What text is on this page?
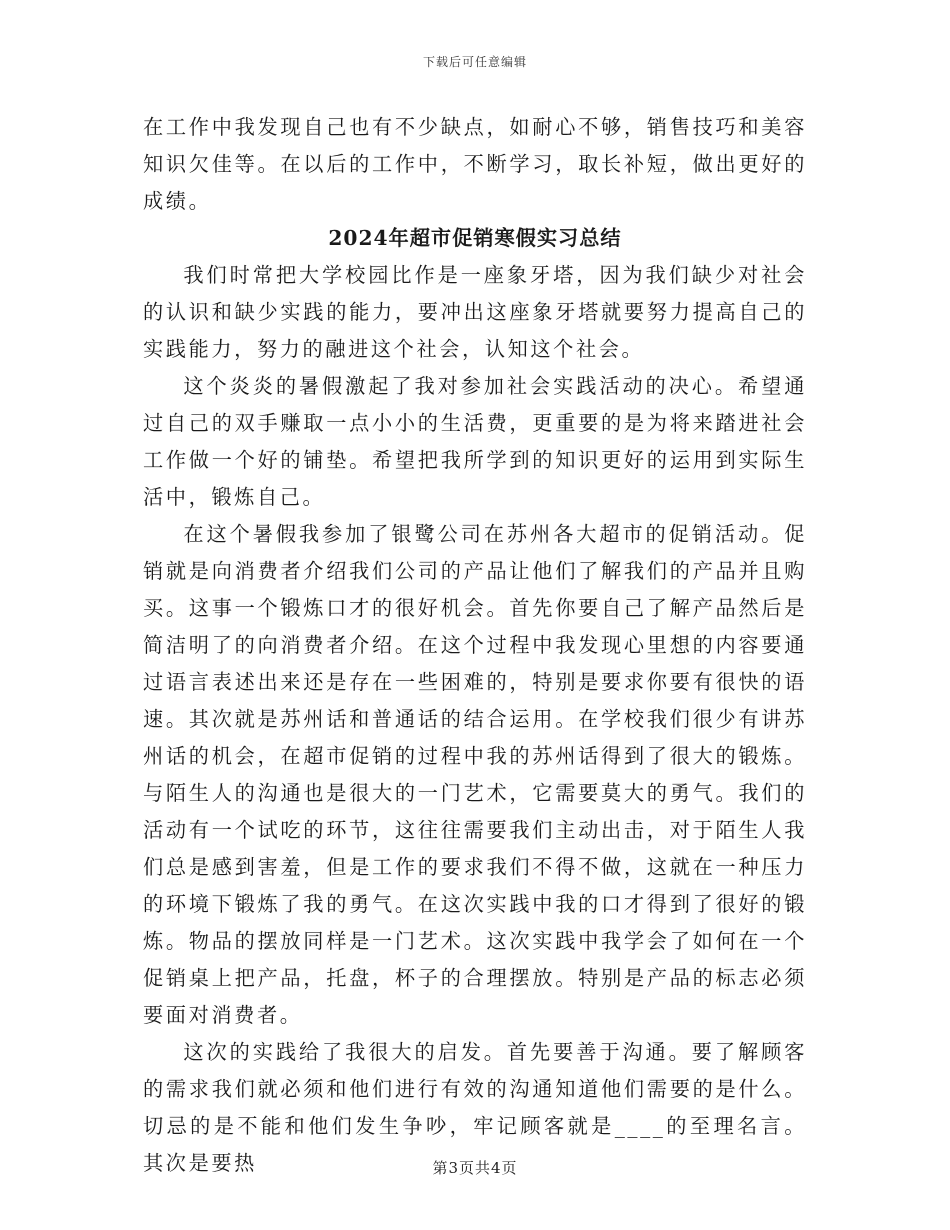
下载后可任意编辑

在工作中我发现自己也有不少缺点，如耐心不够，销售技巧和美容知识欠佳等。在以后的工作中，不断学习，取长补短，做出更好的成绩。

2024年超市促销寒假实习总结

我们时常把大学校园比作是一座象牙塔，因为我们缺少对社会的认识和缺少实践的能力，要冲出这座象牙塔就要努力提高自己的实践能力，努力的融进这个社会，认知这个社会。

这个炎炎的暑假激起了我对参加社会实践活动的决心。希望通过自己的双手赚取一点小小的生活费，更重要的是为将来踏进社会工作做一个好的铺垫。希望把我所学到的知识更好的运用到实际生活中，锻炼自己。

在这个暑假我参加了银鹭公司在苏州各大超市的促销活动。促销就是向消费者介绍我们公司的产品让他们了解我们的产品并且购买。这事一个锻炼口才的很好机会。首先你要自己了解产品然后是简洁明了的向消费者介绍。在这个过程中我发现心里想的内容要通过语言表述出来还是存在一些困难的，特别是要求你要有很快的语速。其次就是苏州话和普通话的结合运用。在学校我们很少有讲苏州话的机会，在超市促销的过程中我的苏州话得到了很大的锻炼。与陌生人的沟通也是很大的一门艺术，它需要莫大的勇气。我们的活动有一个试吃的环节，这往往需要我们主动出击，对于陌生人我们总是感到害羞，但是工作的要求我们不得不做，这就在一种压力的环境下锻炼了我的勇气。在这次实践中我的口才得到了很好的锻炼。物品的摆放同样是一门艺术。这次实践中我学会了如何在一个促销桌上把产品，托盘，杯子的合理摆放。特别是产品的标志必须要面对消费者。

这次的实践给了我很大的启发。首先要善于沟通。要了解顾客的需求我们就必须和他们进行有效的沟通知道他们需要的是什么。切忌的是不能和他们发生争吵，牢记顾客就是____的至理名言。其次是要热	第3页共4页
